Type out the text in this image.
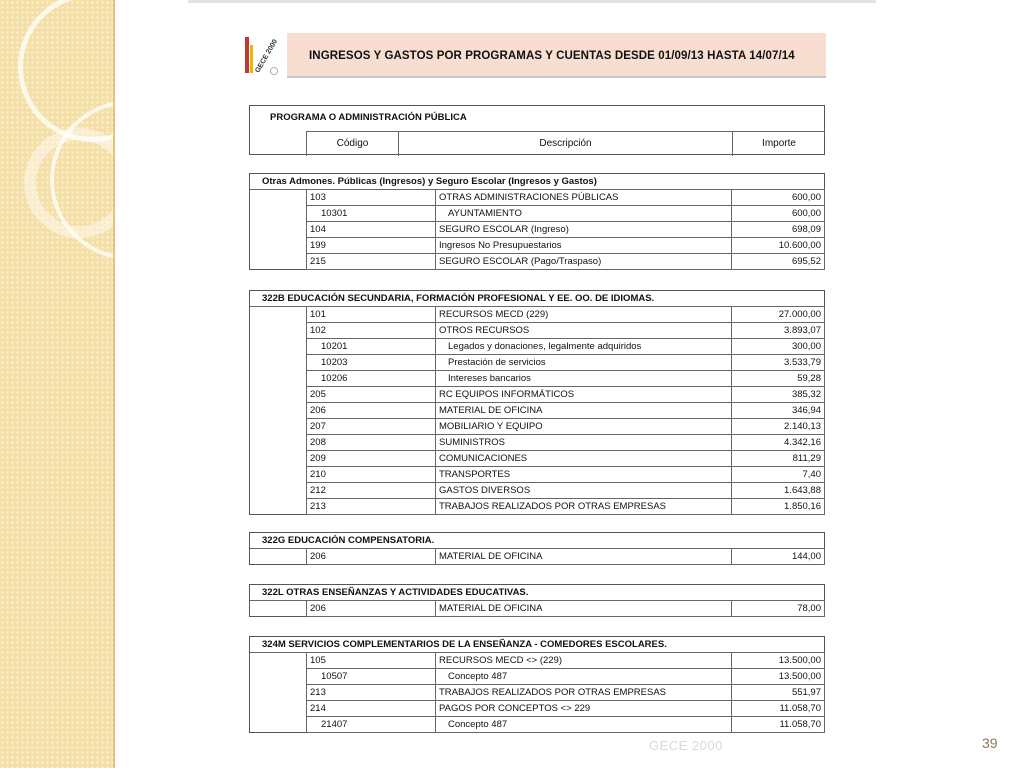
GECE 2000	INGRESOS Y GASTOS POR PROGRAMAS Y CUENTAS DESDE 01/09/13 HASTA 14/07/14
PROGRAMA O ADMINISTRACIÓN PÚBLICA
Código	Descripción	Importe
Otras Admones. Públicas (Ingresos) y Seguro Escolar (Ingresos y Gastos)
103	OTRAS ADMINISTRACIONES PÚBLICAS	600,00
10301	AYUNTAMIENTO	600,00
104	SEGURO ESCOLAR (Ingreso)	698,09
199	Ingresos No Presupuestarios	10.600,00
215	SEGURO ESCOLAR (Pago/Traspaso)	695,52
322B EDUCACIÓN SECUNDARIA, FORMACIÓN PROFESIONAL Y EE. OO. DE IDIOMAS.
101	RECURSOS MECD (229)	27.000,00
102	OTROS RECURSOS	3.893,07
10201	Legados y donaciones, legalmente adquiridos	300,00
10203	Prestación de servicios	3.533,79
10206	Intereses bancarios	59,28
205	RC EQUIPOS INFORMÁTICOS	385,32
206	MATERIAL DE OFICINA	346,94
207	MOBILIARIO Y EQUIPO	2.140,13
208	SUMINISTROS	4.342,16
209	COMUNICACIONES	811,29
210	TRANSPORTES	7,40
212	GASTOS DIVERSOS	1.643,88
213	TRABAJOS REALIZADOS POR OTRAS EMPRESAS	1.850,16
322G EDUCACIÓN COMPENSATORIA.
206	MATERIAL DE OFICINA	144,00
322L OTRAS ENSEÑANZAS Y ACTIVIDADES EDUCATIVAS.
206	MATERIAL DE OFICINA	78,00
324M SERVICIOS COMPLEMENTARIOS DE LA ENSEÑANZA - COMEDORES ESCOLARES.
105	RECURSOS MECD <> (229)	13.500,00
10507	Concepto 487	13.500,00
213	TRABAJOS REALIZADOS POR OTRAS EMPRESAS	551,97
214	PAGOS POR CONCEPTOS <> 229	11.058,70
21407	Concepto 487	11.058,70
GECE 2000	39
